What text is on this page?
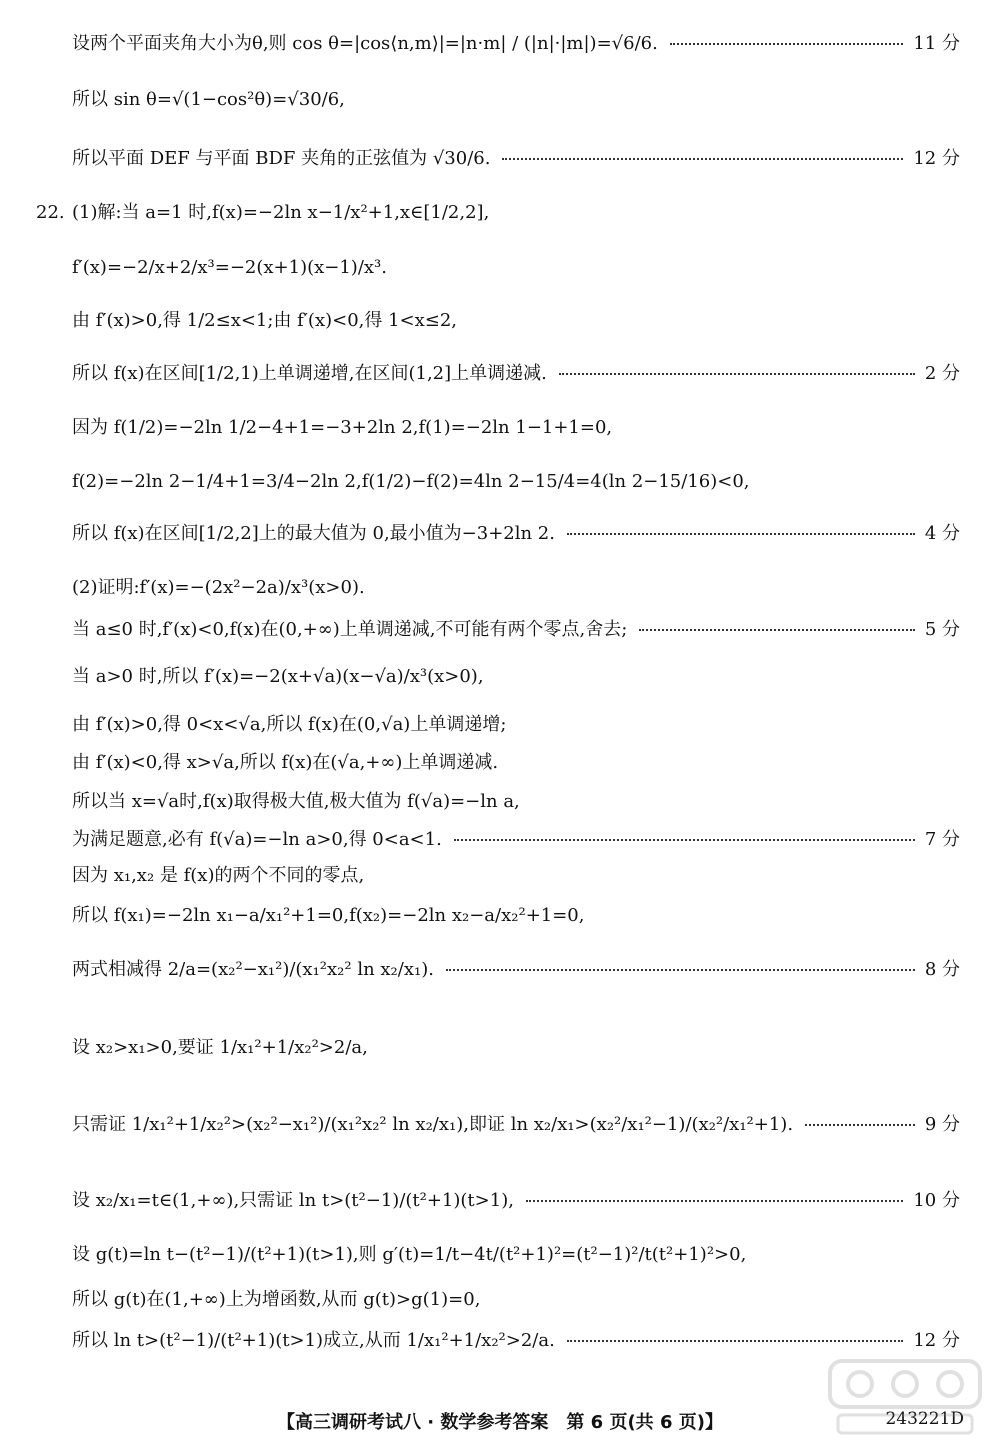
设两个平面夹角大小为θ,则 cos θ=|cos⟨n,m⟩|=|n·m| / (|n|·|m|)=√6/6.	11 分
所以 sin θ=√(1−cos²θ)=√30/6,
所以平面 DEF 与平面 BDF 夹角的正弦值为 √30/6.	12 分
22. (1)解:当 a=1 时,f(x)=−2ln x−1/x²+1,x∈[1/2,2],
f′(x)=−2/x+2/x³=−2(x+1)(x−1)/x³.
由 f′(x)>0,得 1/2≤x<1;由 f′(x)<0,得 1<x≤2,
所以 f(x)在区间[1/2,1)上单调递增,在区间(1,2]上单调递减.	2 分
因为 f(1/2)=−2ln 1/2−4+1=−3+2ln 2,f(1)=−2ln 1−1+1=0,
f(2)=−2ln 2−1/4+1=3/4−2ln 2,f(1/2)−f(2)=4ln 2−15/4=4(ln 2−15/16)<0,
所以 f(x)在区间[1/2,2]上的最大值为 0,最小值为−3+2ln 2.	4 分
(2)证明:f′(x)=−(2x²−2a)/x³(x>0).
当 a≤0 时,f′(x)<0,f(x)在(0,+∞)上单调递减,不可能有两个零点,舍去;	5 分
当 a>0 时,所以 f′(x)=−2(x+√a)(x−√a)/x³(x>0),
由 f′(x)>0,得 0<x<√a,所以 f(x)在(0,√a)上单调递增;
由 f′(x)<0,得 x>√a,所以 f(x)在(√a,+∞)上单调递减.
所以当 x=√a时,f(x)取得极大值,极大值为 f(√a)=−ln a,
为满足题意,必有 f(√a)=−ln a>0,得 0<a<1.	7 分
因为 x₁,x₂ 是 f(x)的两个不同的零点,
所以 f(x₁)=−2ln x₁−a/x₁²+1=0,f(x₂)=−2ln x₂−a/x₂²+1=0,
两式相减得 2/a=(x₂²−x₁²)/(x₁²x₂² ln x₂/x₁).	8 分
设 x₂>x₁>0,要证 1/x₁²+1/x₂²>2/a,
只需证 1/x₁²+1/x₂²>(x₂²−x₁²)/(x₁²x₂² ln x₂/x₁),即证 ln x₂/x₁>(x₂²/x₁²−1)/(x₂²/x₁²+1).	9 分
设 x₂/x₁=t∈(1,+∞),只需证 ln t>(t²−1)/(t²+1)(t>1),	10 分
设 g(t)=ln t−(t²−1)/(t²+1)(t>1),则 g′(t)=1/t−4t/(t²+1)²=(t²−1)²/t(t²+1)²>0,
所以 g(t)在(1,+∞)上为增函数,从而 g(t)>g(1)=0,
所以 ln t>(t²−1)/(t²+1)(t>1)成立,从而 1/x₁²+1/x₂²>2/a.	12 分
【高三调研考试八 · 数学参考答案　第 6 页(共 6 页)】	243221D
